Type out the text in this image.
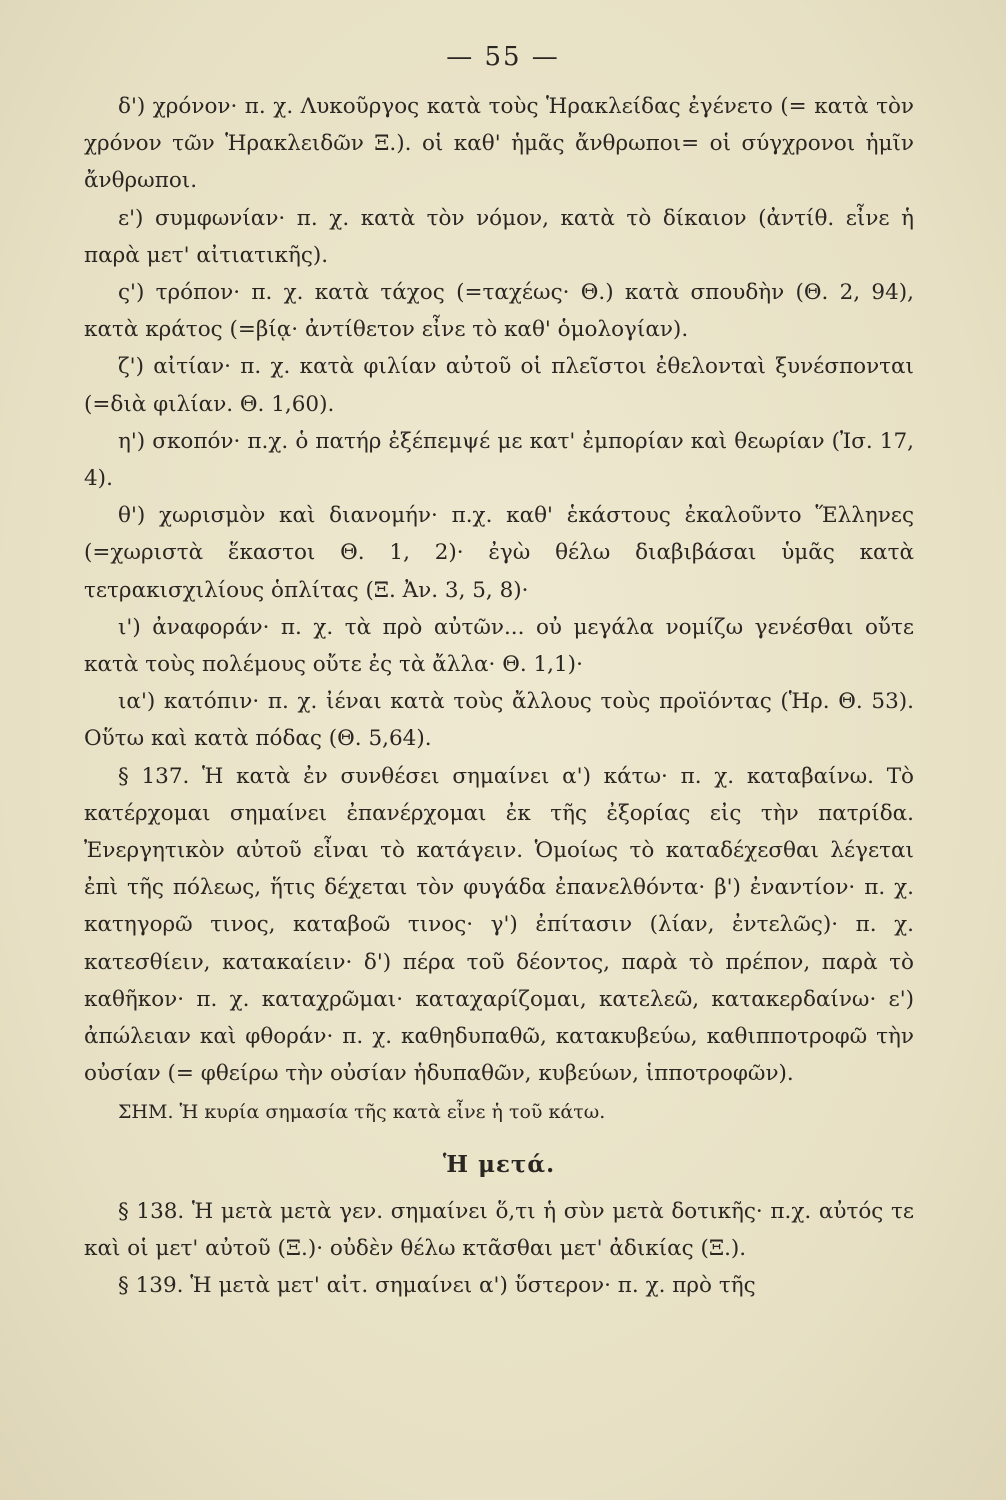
— 55 —

δ') χρόνον· π. χ. Λυκοῦργος κατὰ τοὺς Ἡρακλείδας ἐγένετο (= κατὰ τὸν χρόνον τῶν Ἡρακλειδῶν Ξ.). οἱ καθ' ἡμᾶς ἄνθρωποι= οἱ σύγχρονοι ἡμῖν ἄνθρωποι.

ε') συμφωνίαν· π. χ. κατὰ τὸν νόμον, κατὰ τὸ δίκαιον (ἀντίθ. εἶνε ἡ παρὰ μετ' αἰτιατικῆς).

ς') τρόπον· π. χ. κατὰ τάχος (=ταχέως· Θ.) κατὰ σπουδὴν (Θ. 2, 94), κατὰ κράτος (=βίᾳ· ἀντίθετον εἶνε τὸ καθ' ὁμολογίαν).

ζ') αἰτίαν· π. χ. κατὰ φιλίαν αὐτοῦ οἱ πλεῖστοι ἐθελονταὶ ξυνέσπονται (=διὰ φιλίαν. Θ. 1,60).

η') σκοπόν· π.χ. ὁ πατήρ ἐξέπεμψέ με κατ' ἐμπορίαν καὶ θεωρίαν (Ἰσ. 17, 4).

θ') χωρισμὸν καὶ διανομήν· π.χ. καθ' ἑκάστους ἐκαλοῦντο Ἕλληνες (=χωριστὰ ἕκαστοι Θ. 1, 2)· ἐγὼ θέλω διαβιβάσαι ὑμᾶς κατὰ τετρακισχιλίους ὁπλίτας (Ξ. Ἀν. 3, 5, 8)·

ι') ἀναφοράν· π. χ. τὰ πρὸ αὐτῶν... οὐ μεγάλα νομίζω γενέσθαι οὔτε κατὰ τοὺς πολέμους οὔτε ἐς τὰ ἄλλα· Θ. 1,1)·

ια') κατόπιν· π. χ. ἰέναι κατὰ τοὺς ἄλλους τοὺς προϊόντας (Ἡρ. Θ. 53). Οὕτω καὶ κατὰ πόδας (Θ. 5,64).

§ 137. Ἡ κατὰ ἐν συνθέσει σημαίνει α') κάτω· π. χ. καταβαίνω. Τὸ κατέρχομαι σημαίνει ἐπανέρχομαι ἐκ τῆς ἐξορίας εἰς τὴν πατρίδα. Ἐνεργητικὸν αὐτοῦ εἶναι τὸ κατάγειν. Ὁμοίως τὸ καταδέχεσθαι λέγεται ἐπὶ τῆς πόλεως, ἥτις δέχεται τὸν φυγάδα ἐπανελθόντα· β') ἐναντίον· π. χ. κατηγορῶ τινος, καταβοῶ τινος· γ') ἐπίτασιν (λίαν, ἐντελῶς)· π. χ. κατεσθίειν, κατακαίειν· δ') πέρα τοῦ δέοντος, παρὰ τὸ πρέπον, παρὰ τὸ καθῆκον· π. χ. καταχρῶμαι· καταχαρίζομαι, κατελεῶ, κατακερδαίνω· ε') ἀπώλειαν καὶ φθοράν· π. χ. καθηδυπαθῶ, κατακυβεύω, καθιπποτροφῶ τὴν οὐσίαν (= φθείρω τὴν οὐσίαν ἡδυπαθῶν, κυβεύων, ἱπποτροφῶν).

ΣΗΜ. Ἡ κυρία σημασία τῆς κατὰ εἶνε ἡ τοῦ κάτω.

Ἡ μετά.

§ 138. Ἡ μετὰ μετὰ γεν. σημαίνει ὅ,τι ἡ σὺν μετὰ δοτικῆς· π.χ. αὐτός τε καὶ οἱ μετ' αὐτοῦ (Ξ.)· οὐδὲν θέλω κτᾶσθαι μετ' ἀδικίας (Ξ.).

§ 139. Ἡ μετὰ μετ' αἰτ. σημαίνει α') ὕστερον· π. χ. πρὸ τῆς
